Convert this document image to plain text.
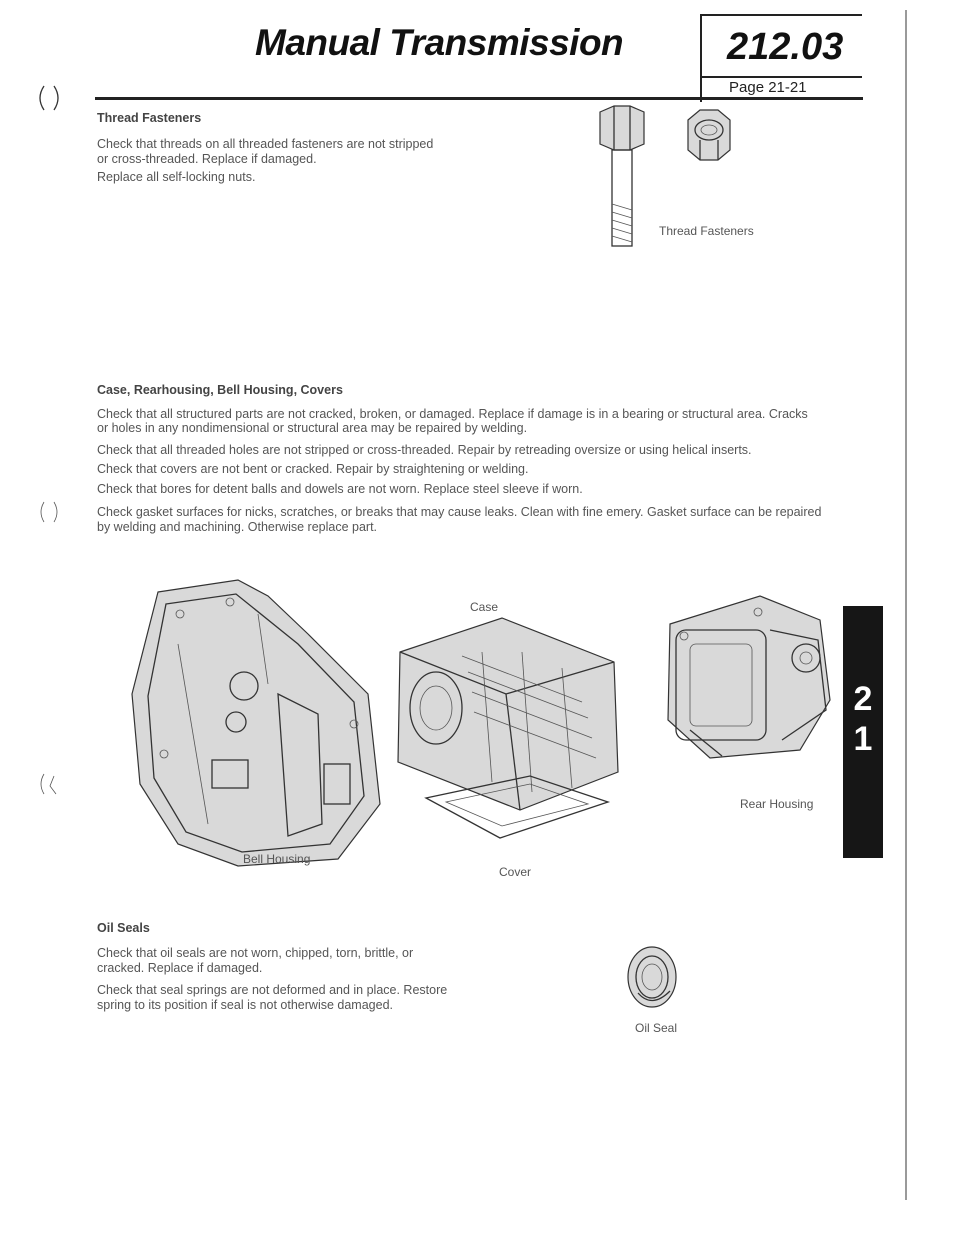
Manual Transmission	212.03
Page 21-21
Thread Fasteners
Check that threads on all threaded fasteners are not stripped
or cross-threaded. Replace if damaged.
Replace all self-locking nuts.
Thread Fasteners
Case, Rearhousing, Bell Housing, Covers
Check that all structured parts are not cracked, broken, or damaged. Replace if damage is in a bearing or structural area. Cracks
or holes in any nondimensional or structural area may be repaired by welding.
Check that all threaded holes are not stripped or cross-threaded. Repair by retreading oversize or using helical inserts.
Check that covers are not bent or cracked. Repair by straightening or welding.
Check that bores for detent balls and dowels are not worn. Replace steel sleeve if worn.
Check gasket surfaces for nicks, scratches, or breaks that may cause leaks. Clean with fine emery. Gasket surface can be repaired
by welding and machining. Otherwise replace part.
Bell Housing
Case
Cover
Rear Housing
2
1
Oil Seals
Check that oil seals are not worn, chipped, torn, brittle, or
cracked. Replace if damaged.
Check that seal springs are not deformed and in place. Restore
spring to its position if seal is not otherwise damaged.
Oil Seal
